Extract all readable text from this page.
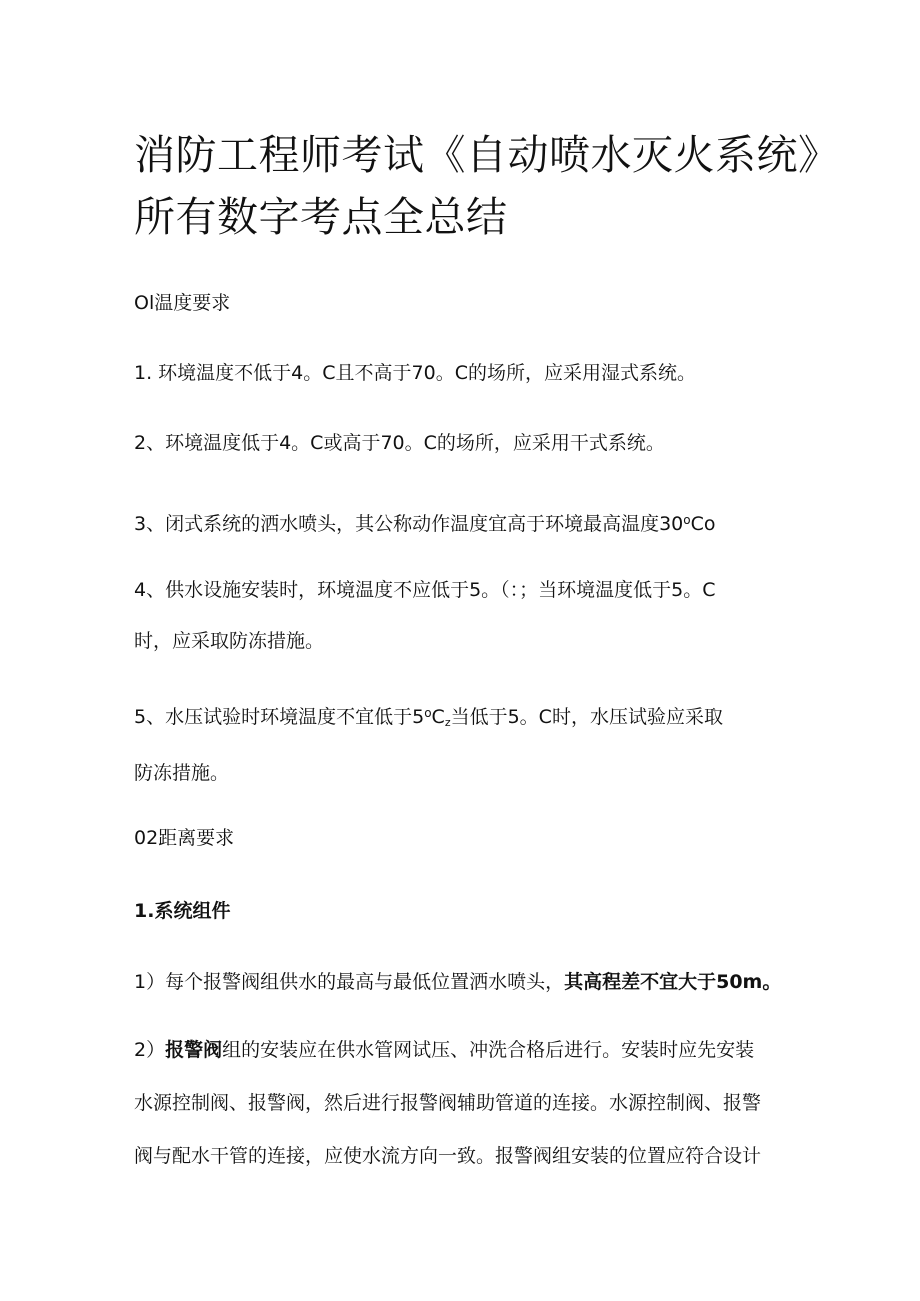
消防工程师考试《自动喷水灭火系统》
所有数字考点全总结

Ol温度要求

1. 环境温度不低于4。C且不高于70。C的场所，应采用湿式系统。

2、环境温度低于4。C或高于70。C的场所，应采用干式系统。

3、闭式系统的洒水喷头，其公称动作温度宜高于环境最高温度30$^o$Co

4、供水设施安装时，环境温度不应低于5。（：；当环境温度低于5。C
时，应采取防冻措施。

5、水压试验时环境温度不宜低于$5^oC_z$当低于5。C时，水压试验应采取
防冻措施。

02距离要求

1.系统组件

1）每个报警阀组供水的最高与最低位置洒水喷头，其高程差不宜大于50m。

2）报警阀组的安装应在供水管网试压、冲洗合格后进行。安装时应先安装
水源控制阀、报警阀，然后进行报警阀辅助管道的连接。水源控制阀、报警
阀与配水干管的连接，应使水流方向一致。报警阀组安装的位置应符合设计
